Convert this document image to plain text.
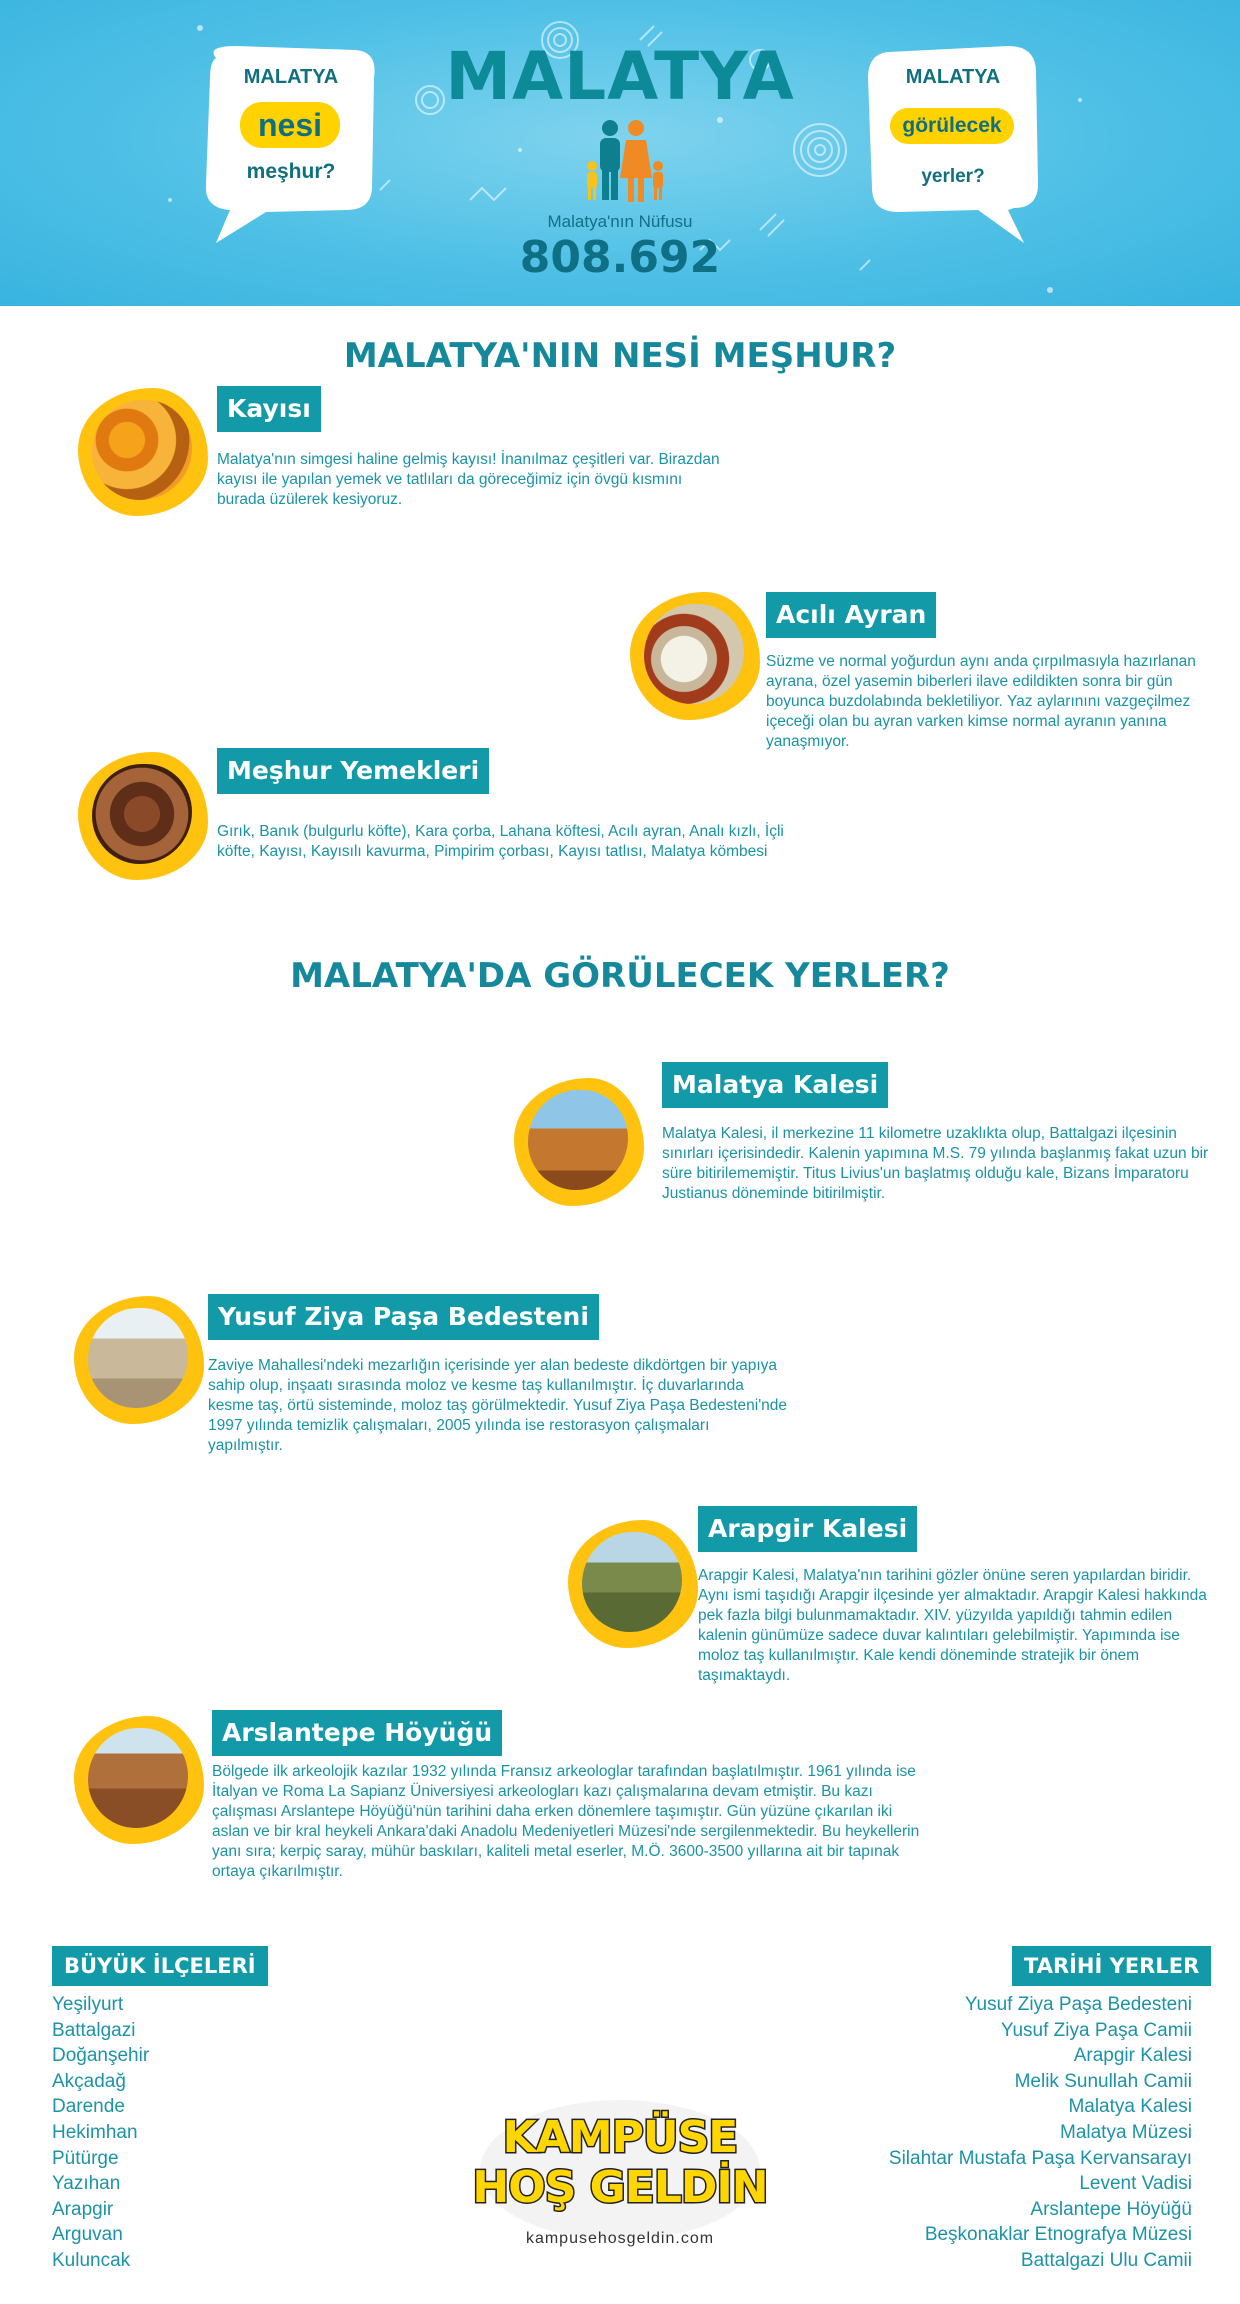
MALATYA
nesi
meşhur?
MALATYA
görülecek
yerler?
MALATYA
Malatya'nın Nüfusu
808.692
MALATYA'NIN NESİ MEŞHUR?
Kayısı
Malatya'nın simgesi haline gelmiş kayısı! İnanılmaz çeşitleri var. Birazdan kayısı ile yapılan yemek ve tatlıları da göreceğimiz için övgü kısmını burada üzülerek kesiyoruz.
Acılı Ayran
Süzme ve normal yoğurdun aynı anda çırpılmasıyla hazırlanan ayrana, özel yasemin biberleri ilave edildikten sonra bir gün boyunca buzdolabında bekletiliyor. Yaz aylarınını vazgeçilmez içeceği olan bu ayran varken kimse normal ayranın yanına yanaşmıyor.
Meşhur Yemekleri
Gırık, Banık (bulgurlu köfte), Kara çorba, Lahana köftesi, Acılı ayran, Analı kızlı, İçli köfte, Kayısı, Kayısılı kavurma, Pimpirim çorbası, Kayısı tatlısı, Malatya kömbesi
MALATYA'DA GÖRÜLECEK YERLER?
Malatya Kalesi
Malatya Kalesi, il merkezine 11 kilometre uzaklıkta olup, Battalgazi ilçesinin sınırları içerisindedir. Kalenin yapımına M.S. 79 yılında başlanmış fakat uzun bir süre bitirilememiştir. Titus Livius'un başlatmış olduğu kale, Bizans İmparatoru Justianus döneminde bitirilmiştir.
Yusuf Ziya Paşa Bedesteni
Zaviye Mahallesi'ndeki mezarlığın içerisinde yer alan bedeste dikdörtgen bir yapıya sahip olup, inşaatı sırasında moloz ve kesme taş kullanılmıştır. İç duvarlarında kesme taş, örtü sisteminde, moloz taş görülmektedir. Yusuf Ziya Paşa Bedesteni'nde 1997 yılında temizlik çalışmaları, 2005 yılında ise restorasyon çalışmaları yapılmıştır.
Arapgir Kalesi
Arapgir Kalesi, Malatya'nın tarihini gözler önüne seren yapılardan biridir. Aynı ismi taşıdığı Arapgir ilçesinde yer almaktadır. Arapgir Kalesi hakkında pek fazla bilgi bulunmamaktadır. XIV. yüzyılda yapıldığı tahmin edilen kalenin günümüze sadece duvar kalıntıları gelebilmiştir. Yapımında ise moloz taş kullanılmıştır. Kale kendi döneminde stratejik bir önem taşımaktaydı.
Arslantepe Höyüğü
Bölgede ilk arkeolojik kazılar 1932 yılında Fransız arkeologlar tarafından başlatılmıştır. 1961 yılında ise İtalyan ve Roma La Sapianz Üniversiyesi arkeologları kazı çalışmalarına devam etmiştir. Bu kazı çalışması Arslantepe Höyüğü'nün tarihini daha erken dönemlere taşımıştır. Gün yüzüne çıkarılan iki aslan ve bir kral heykeli Ankara'daki Anadolu Medeniyetleri Müzesi'nde sergilenmektedir. Bu heykellerin yanı sıra; kerpiç saray, mühür baskıları, kaliteli metal eserler, M.Ö. 3600-3500 yıllarına ait bir tapınak ortaya çıkarılmıştır.
BÜYÜK İLÇELERİ
Yeşilyurt
Battalgazi
Doğanşehir
Akçadağ
Darende
Hekimhan
Pütürge
Yazıhan
Arapgir
Arguvan
Kuluncak
TARİHİ YERLER
Yusuf Ziya Paşa Bedesteni
Yusuf Ziya Paşa Camii
Arapgir Kalesi
Melik Sunullah Camii
Malatya Kalesi
Malatya Müzesi
Silahtar Mustafa Paşa Kervansarayı
Levent Vadisi
Arslantepe Höyüğü
Beşkonaklar Etnografya Müzesi
Battalgazi Ulu Camii
KAMPÜSE
HOŞ GELDİN
kampusehosgeldin.com
